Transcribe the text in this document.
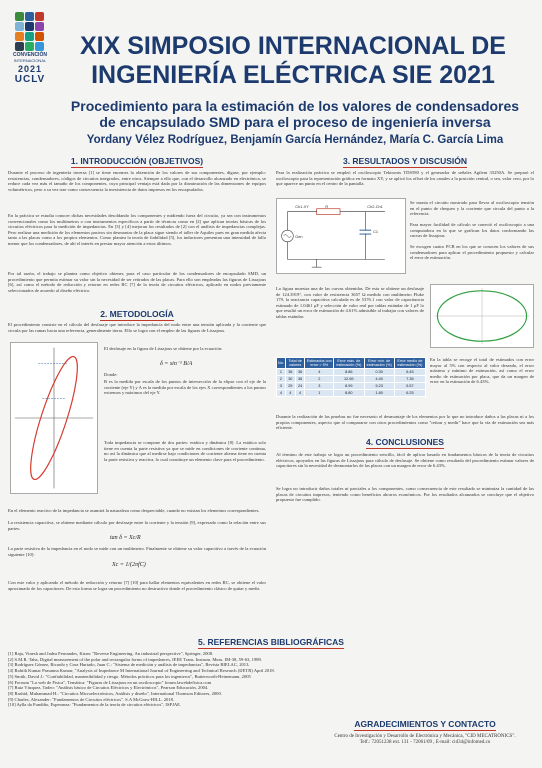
CONVENCIÓN
INTERNACIONAL
2021
UCLV
XIX SIMPOSIO INTERNACIONAL DE
INGENIERÍA ELÉCTRICA SIE 2021
Procedimiento para la estimación de los valores de condensadores
de encapsulado SMD para el proceso de ingeniería inversa
Yordany Vélez Rodríguez, Benjamín García Hernández, María C. García Lima
1. INTRODUCCIÓN (OBJETIVOS)
Durante el proceso de ingeniería inversa [1] se tiene enormes la obtención de los valores de sus componentes, dígase, por ejemplo: resistencias, condensadores, códigos de circuitos integrados, entre otros. Siempre a ello que, con el desarrollo alcanzado en electrónica, se reduce cada vez más el tamaño de los componentes, cuya principal ventaja está dada por la disminución de las dimensiones de equipos volumétricos, pero a su vez trae como consecuencia la inexistencia de datos impresos en los encapsulados.
En la práctica se estudia conocer dichas necesidades desoldando los componentes y midiendo fuera del circuito, ya sea con instrumentos convencionales como los multímetros o con instrumentos específicos a partir de técnicas como en [2] que aplican teorías básicas de los circuitos eléctricos para la medición de impedancias. En [3] y [4] mejoran los resultados de [2] con el análisis de impedancias complejas. Pero realizar una medición de los elementos pasivos sin desmontar de la placa sigue siendo el taller de Aquiles pues en gran medida afecta tanto a las placas como a los propios elementos. Como plantea la teoría de fiabilidad [5], los inductores presentan una intensidad de fallo menor que los condensadores, de ahí el interés en prestar mayor atención a estos últimos.
Por tal razón, el trabajo se plantea como objetivo obtener, para el caso particular de los condensadores de encapsulado SMD, un procedimiento que permita estimar su valor sin la necesidad de ser retirados de las placas. Para ello son empleadas las figuras de Lissajous [6], así como el método de reducción y retorno en redes RC [7] de la teoría de circuitos eléctricos, aplicado en nodos previamente seleccionados de acuerdo al diseño eléctrico.
2. METODOLOGÍA
El procedimiento consiste en el cálculo del desfasaje que introduce la impedancia del nodo entre una tensión aplicada y la corriente que circula por las ramas hacia una referencia, generalmente tierra. Ello se logra con el empleo de las figuras de Lissajous.
El desfasaje en la figura de Lissajous se obtiene por la ecuación:
δ = sin⁻¹ B/A
Donde:
B es la medida por escala de los puntos de intersección de la elipse con el eje de la corriente (eje Y) y A es la medida por escala de los ejes X correspondientes a los puntos extremos y máximos del eje Y.
Toda impedancia se compone de dos partes: estática y dinámica [8]. La estática solo tiene en cuenta la parte resistiva ya que se mide en condiciones de corriente continua, no así la dinámica que al medirse bajo condiciones de corriente alterna tiene en cuenta la parte resistiva y reactiva, lo cual constituye un elemento clave para el procedimiento.
En el elemento reactivo de la impedancia se asumirá la naturaleza como despreciable, cuando no existan los elementos correspondientes.
La resistencia capacitiva, se obtiene mediante cálculo por desfasaje entre la corriente y la tensión [9], expresado como la relación entre sus partes:
tan δ = Xc/R
La parte resistiva de la impedancia en el nodo se mide con un multímetro. Finalmente se obtiene su valor capacitivo a través de la ecuación siguiente [10]:
Xc = 1/(2πfC)
Con este valor y aplicando el método de reducción y retorno [7] [10] para hallar elementos equivalentes en redes RC, se obtiene el valor aproximado de los capacitores. De esta forma se logra un procedimiento no destructivo donde el procedimiento clásico de quitar y medir.
3. RESULTADOS Y DISCUSIÓN
Para la realización práctica se empleó el osciloscopio Tektronix TDS580 y el generador de señales Agilent 33250A. Se preparó el osciloscopio para la representación gráfica en formato XY, y se aplicó los offset de los canales a la posición central, o sea, valor cero, por lo que aparece un punto en el centro de la pantalla.
Ch1-XY	R
C1
Ch2-Ch1
Gen
Se monta el circuito mostrado para llevar al osciloscopio tensión en el punto de chequeo y la corriente que circula del punto a la referencia.
Para mayor facilidad de cálculo se conectó el osciloscopio a una computadora en la que se grafican los datos conformando las curvas de lissajous.
Se escogen cuatro PCB en los que se conocen los valores de sus condensadores para aplicar el procedimiento propuesto y calcular el error de estimación.
La figura muestra una de las curvas obtenidas. De esta se obtiene un desfasaje de 124.3919°, con valor de resistencia 3657 Ω medido con multímetro Fluke 179, la reactancia capacitiva calculada es de 5376.1 con valor de capacitancia estimado de 1.0461 μF y selección de valor real por tablas estándar de 1 μF lo que resultó un error de estimación de 4.61% admisible al trabajar con valores de tablas estándar.
No.	Total de valores		Estimados con error > 5%	Error máx. de estimación (%)	Error mín. de estimación (%)	Error medio de estimación (%)
1	36	36	4	8.86	0.30	6.45
2	30	36	2	12.69	4.40	7.35
3	29	24	3	8.99	5.23	5.57
4	4	4	1	8.80	1.80	6.25
En la tabla se recoge el total de estimados con error mayor al 5% con respecto al valor deseado, el error máximo y mínimo de estimación, así como el error medio de estimación por placa, que da un margen de error en la estimación de 6.43%.
Durante la realización de las pruebas no fue necesario el desmontaje de los elementos por lo que no introduce daños a las placas ni a los propios componentes, aspecto que al compararse con otros procedimientos como "retirar y medir" hace que la vía de estimación sea más eficiente.
4. CONCLUSIONES
Al término de este trabajo se logra un procedimiento sencillo, fácil de aplicar basado en fundamentos básicos de la teoría de circuitos eléctricos, apoyados en las figuras de Lissajous para cálculo de desfasaje. Se obtiene como resultado del procedimiento estimar valores de capacitores sin la necesidad de desmontarlos de las placas con un margen de error de 6.43%.
Se logra no introducir daños totales ni parciales a los componentes, como consecuencia de este resultado se minimiza la cantidad de las placas de circuitos impresos, teniendo como beneficios ahorros económicos. Por los resultados alcanzados se concluye que el objetivo propuesto fue cumplido.
5. REFERENCIAS BIBLIOGRÁFICAS
[1] Raja, Vinesh and Jadea Fernandes, Kiran: "Reverse Engineering. An industrial perspective", Springer, 2008.
[2] S.M.R. Taha, Digital measurement of the polar and rectangular forms of impedances, IEEE Trans. Instrum. Meas. IM-38, 59-63, 1989.
[3] Rodríguez Gómez, Ricardo y Cruz Hurtado, Juan C.: "Sistema de medición y análisis de impedancias", Revista RIELAC, 2013.
[4] Rohith Kumar Prasanna Kumar, "Analysis of Impedance M International Journal of Engineering and Technical Research (IJETR) April 2018.
[5] Smith, David J.: "Confiabilidad, mantenibilidad y riesgo. Métodos prácticos para los ingenieros", Butterworth-Heinemann, 2005
[6] Foroum "La web de Fisica", Temática: "Figuras de Lissajous en un osciloscopio" forum.lawebdefisica.com
[7] Ruiz Vázquez, Tadeo: "Análisis básico de Circuitos Eléctricos y Electrónicos", Pearson Educación, 2004.
[8] Rashid, Muhammad H.: "Circuitos Microelectrónicos, Análisis y diseño", International Thomson Editores, 2000.
[9] Charles, Alexander: "Fundamentos de Circuitos eléctricos". S.A McGraw-HILL. 2018.
[10] Aylla da Fundiño, Esperanza: "Fundamentos de la teoría de circuitos eléctricos", ISPJAE.
AGRADECIMIENTOS Y CONTACTO
Centro de Investigación y Desarrollo de Electrónica y Mecánica, "CID MECATRONICS".
Telf.: 72051238 ext. 131 - 72061/09 , E-mail: cid34@infomed.co
